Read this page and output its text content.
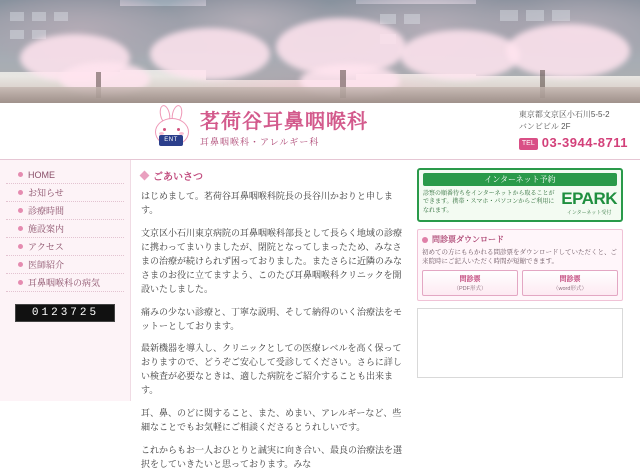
ENT
茗荷谷耳鼻咽喉科
耳鼻咽喉科・アレルギー科
東京都文京区小石川5-5-2
バンビビル 2F
TEL 03-3944-8711
HOME
お知らせ
診療時間
施設案内
アクセス
医師紹介
耳鼻咽喉科の病気
0 1 2 3 7 2 5
ごあいさつ

はじめまして。茗荷谷耳鼻咽喉科院長の長谷川かおりと申します。

文京区小石川東京病院の耳鼻咽喉科部長として長らく地域の診療に携わってまいりましたが、閉院となってしまったため、みなさまの治療が続けられず困っておりました。またさらに近隣のみなさまのお役に立てますよう、このたび耳鼻咽喉科クリニックを開設いたしました。

痛みの少ない診療と、丁寧な説明、そして納得のいく治療法をモットーとしております。

最新機器を導入し、クリニックとしての医療レベルを高く保っておりますので、どうぞご安心して受診してください。さらに詳しい検査が必要なときは、適した病院をご紹介することも出来ます。

耳、鼻、のどに関すること、また、めまい、アレルギーなど、些細なことでもお気軽にご相談くださるとうれしいです。

これからもお一人おひとりと誠実に向き合い、最良の治療法を選択をしていきたいと思っております。みな

インターネット予約
診察の順番待ちをインターネットから取ることができます。携帯・スマホ・パソコンからご利用になれます。
EPARK
インターネット受付
問診票ダウンロード
初めての方にもらかれる問診票をダウンロードしていただくと、ご来院時にご記入いただく時間が短縮できます。
問診票
（PDF形式）
問診票
（word形式）
